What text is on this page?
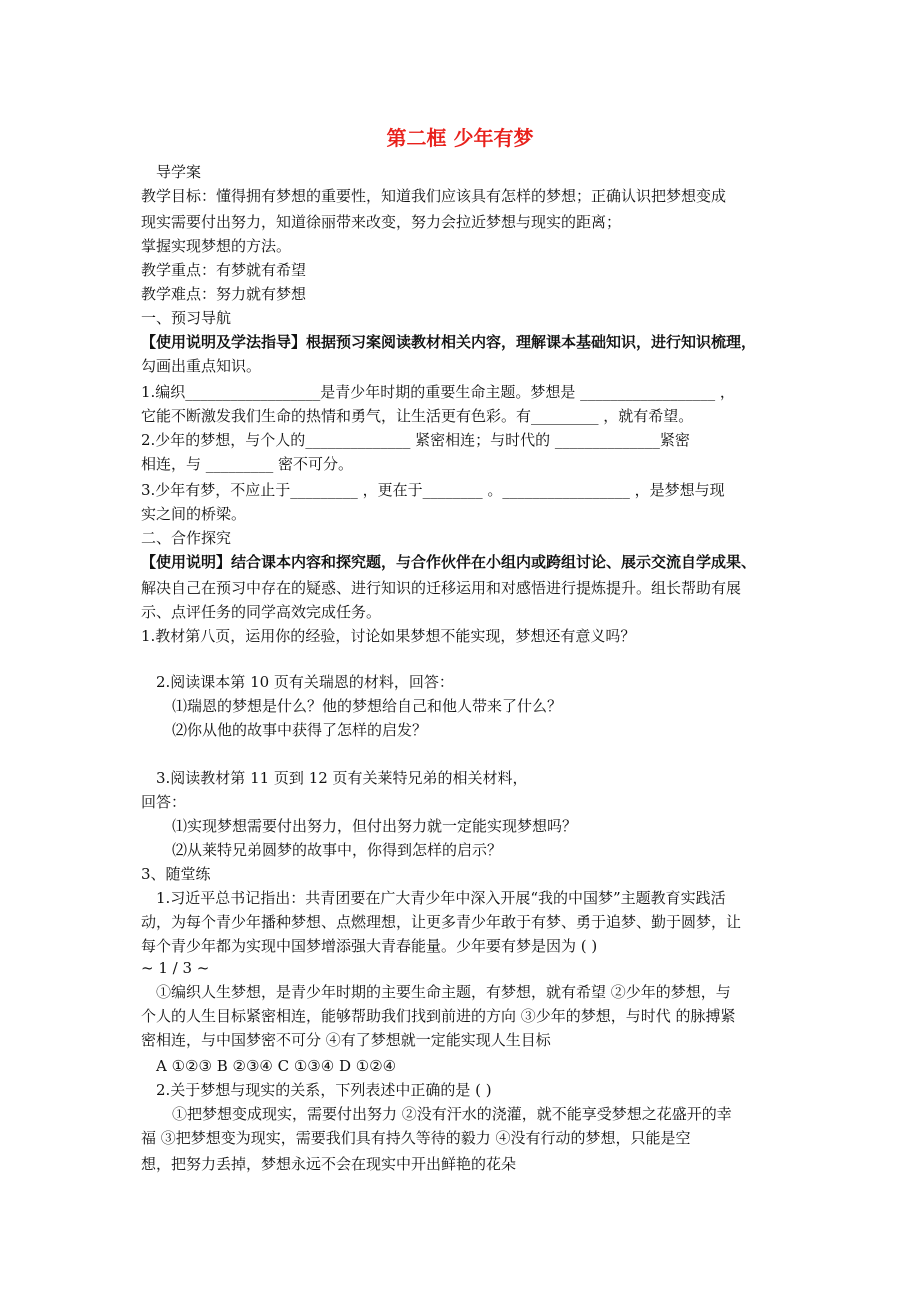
第二框 少年有梦
导学案
教学目标：懂得拥有梦想的重要性，知道我们应该具有怎样的梦想；正确认识把梦想变成
现实需要付出努力，知道徐丽带来改变，努力会拉近梦想与现实的距离；
掌握实现梦想的方法。
教学重点：有梦就有希望
教学难点：努力就有梦想
一、预习导航
【使用说明及学法指导】根据预习案阅读教材相关内容，理解课本基础知识，进行知识梳理，
勾画出重点知识。
1.编织__________________是青少年时期的重要生命主题。梦想是 __________________ ，
它能不断激发我们生命的热情和勇气，让生活更有色彩。有_________ ，就有希望。
2.少年的梦想，与个人的______________ 紧密相连；与时代的 ______________紧密
相连，与 _________ 密不可分。
3.少年有梦，不应止于_________ ，更在于________ 。_________________ ，是梦想与现
实之间的桥梁。
二、合作探究
【使用说明】结合课本内容和探究题，与合作伙伴在小组内或跨组讨论、展示交流自学成果、
解决自己在预习中存在的疑惑、进行知识的迁移运用和对感悟进行提炼提升。组长帮助有展
示、点评任务的同学高效完成任务。
1.教材第八页，运用你的经验，讨论如果梦想不能实现，梦想还有意义吗？
2.阅读课本第 10 页有关瑞恩的材料，回答：
⑴瑞恩的梦想是什么？他的梦想给自己和他人带来了什么？
⑵你从他的故事中获得了怎样的启发？
3.阅读教材第 11 页到 12 页有关莱特兄弟的相关材料，
回答：
⑴实现梦想需要付出努力，但付出努力就一定能实现梦想吗？
⑵从莱特兄弟圆梦的故事中，你得到怎样的启示？
3、随堂练
1.习近平总书记指出：共青团要在广大青少年中深入开展“我的中国梦”主题教育实践活
动，为每个青少年播种梦想、点燃理想，让更多青少年敢于有梦、勇于追梦、勤于圆梦，让
每个青少年都为实现中国梦增添强大青春能量。少年要有梦是因为 ( )
~ 1 / 3 ~
①编织人生梦想，是青少年时期的主要生命主题，有梦想，就有希望 ②少年的梦想，与
个人的人生目标紧密相连，能够帮助我们找到前进的方向 ③少年的梦想，与时代 的脉搏紧
密相连，与中国梦密不可分 ④有了梦想就一定能实现人生目标
A ①②③ B ②③④ C ①③④ D ①②④
2.关于梦想与现实的关系，下列表述中正确的是 ( )
①把梦想变成现实，需要付出努力 ②没有汗水的浇灌，就不能享受梦想之花盛开的幸
福 ③把梦想变为现实，需要我们具有持久等待的毅力 ④没有行动的梦想，只能是空
想，把努力丢掉，梦想永远不会在现实中开出鲜艳的花朵
